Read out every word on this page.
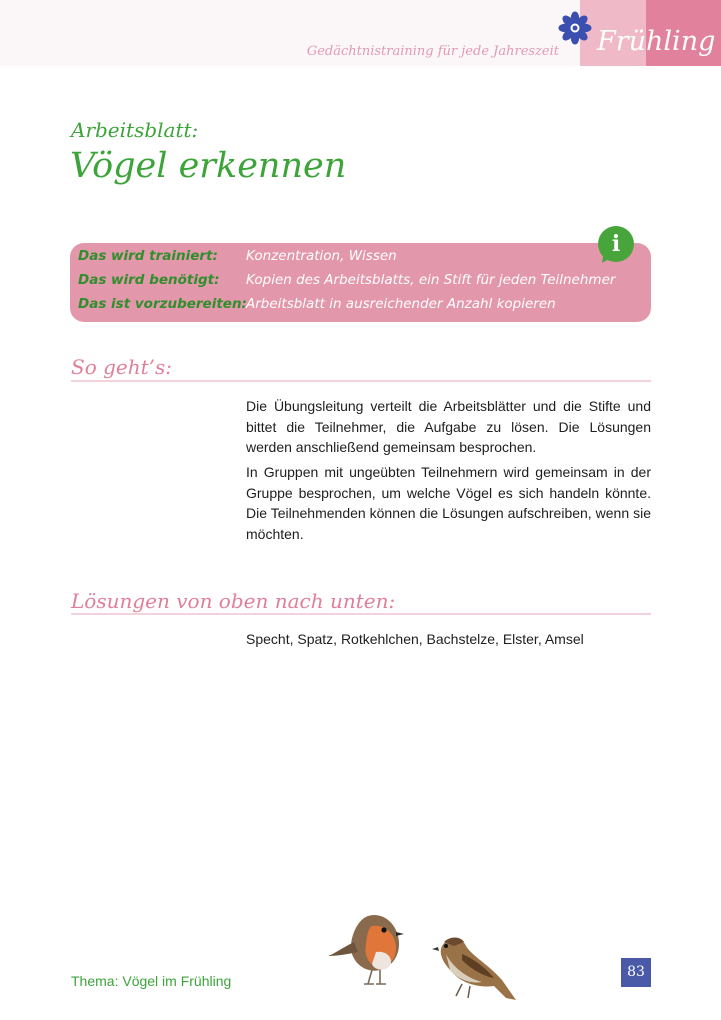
Gedächtnistraining für jede Jahreszeit Frühling
Arbeitsblatt:
Vögel erkennen
Das wird trainiert: Konzentration, Wissen
Das wird benötigt: Kopien des Arbeitsblatts, ein Stift für jeden Teilnehmer
Das ist vorzubereiten: Arbeitsblatt in ausreichender Anzahl kopieren
i
So geht’s:

Die Übungsleitung verteilt die Arbeitsblätter und die Stifte und bittet die Teilnehmer, die Aufgabe zu lösen. Die Lösungen werden anschließend gemeinsam besprochen.

In Gruppen mit ungeübten Teilnehmern wird gemeinsam in der Gruppe besprochen, um welche Vögel es sich handeln könnte. Die Teilnehmenden können die Lösungen aufschreiben, wenn sie möchten.

Lösungen von oben nach unten:

Specht, Spatz, Rotkehlchen, Bachstelze, Elster, Amsel

Thema: Vögel im Frühling
83
